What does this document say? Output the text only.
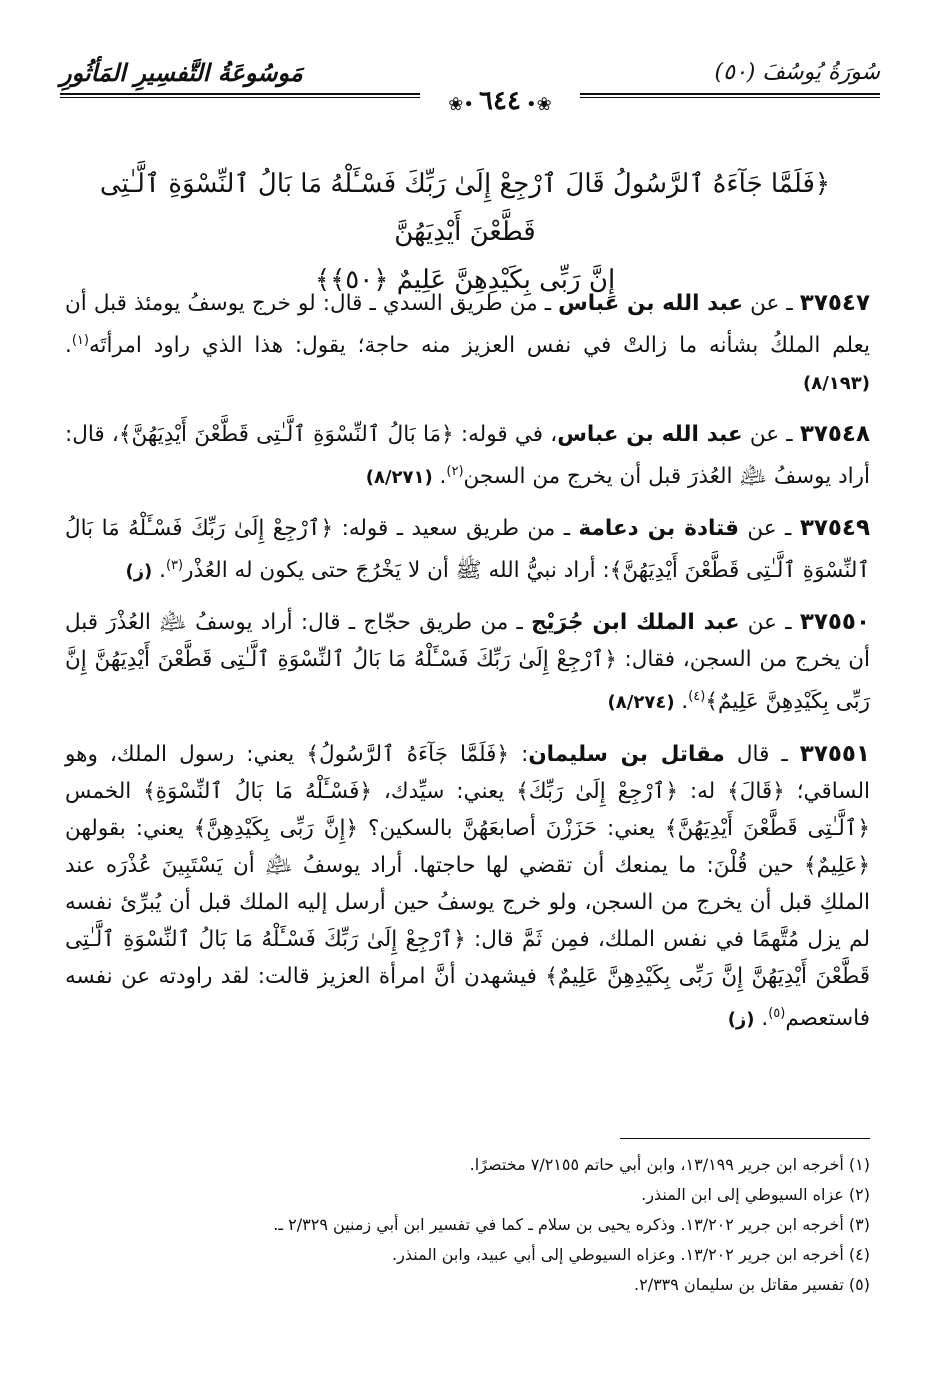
سُورَةُ يُوسُفَ (٥٠)
مَوسُوعَةُ التَّفسِيرِ المَأثُورِ
❀• ٦٤٤ •❀
﴿فَلَمَّا جَآءَهُ ٱلرَّسُولُ قَالَ ٱرْجِعْ إِلَىٰ رَبِّكَ فَسْـَٔلْهُ مَا بَالُ ٱلنِّسْوَةِ ٱلَّـٰتِى قَطَّعْنَ أَيْدِيَهُنَّ
إِنَّ رَبِّى بِكَيْدِهِنَّ عَلِيمٌ ﴿٥٠﴾﴾

٣٧٥٤٧ ـ عن عبد الله بن عباس ـ من طريق السدي ـ قال: لو خرج يوسفُ يومئذ قبل أن يعلم الملكُ بشأنه ما زالتْ في نفس العزيز منه حاجة؛ يقول: هذا الذي راود امرأتَه$^{(١)}$. (٨/١٩٣)

٣٧٥٤٨ ـ عن عبد الله بن عباس، في قوله: ﴿مَا بَالُ ٱلنِّسْوَةِ ٱلَّـٰتِى قَطَّعْنَ أَيْدِيَهُنَّ﴾، قال: أراد يوسفُ ﵇ العُذرَ قبل أن يخرج من السجن$^{(٢)}$. (٨/٢٧١)

٣٧٥٤٩ ـ عن قتادة بن دعامة ـ من طريق سعيد ـ قوله: ﴿ٱرْجِعْ إِلَىٰ رَبِّكَ فَسْـَٔلْهُ مَا بَالُ ٱلنِّسْوَةِ ٱلَّـٰتِى قَطَّعْنَ أَيْدِيَهُنَّ﴾: أراد نبيُّ الله ﷺ أن لا يَخْرُجَ حتى يكون له العُذْر$^{(٣)}$. (ز)

٣٧٥٥٠ ـ عن عبد الملك ابن جُرَيْج ـ من طريق حجّاج ـ قال: أراد يوسفُ ﵇ العُذْرَ قبل أن يخرج من السجن، فقال: ﴿ٱرْجِعْ إِلَىٰ رَبِّكَ فَسْـَٔلْهُ مَا بَالُ ٱلنِّسْوَةِ ٱلَّـٰتِى قَطَّعْنَ أَيْدِيَهُنَّ إِنَّ رَبِّى بِكَيْدِهِنَّ عَلِيمٌ﴾$^{(٤)}$. (٨/٢٧٤)

٣٧٥٥١ ـ قال مقاتل بن سليمان: ﴿فَلَمَّا جَآءَهُ ٱلرَّسُولُ﴾ يعني: رسول الملك، وهو الساقي؛ ﴿قَالَ﴾ له: ﴿ٱرْجِعْ إِلَىٰ رَبِّكَ﴾ يعني: سيِّدك، ﴿فَسْـَٔلْهُ مَا بَالُ ٱلنِّسْوَةِ﴾ الخمس ﴿ٱلَّـٰتِى قَطَّعْنَ أَيْدِيَهُنَّ﴾ يعني: حَزَزْنَ أصابعَهُنَّ بالسكين؟ ﴿إِنَّ رَبِّى بِكَيْدِهِنَّ﴾ يعني: بقولهن ﴿عَلِيمٌ﴾ حين قُلْنَ: ما يمنعك أن تقضي لها حاجتها. أراد يوسفُ ﵇ أن يَسْتَبِينَ عُذْرَه عند الملكِ قبل أن يخرج من السجن، ولو خرج يوسفُ حين أرسل إليه الملك قبل أن يُبرِّئ نفسه لم يزل مُتَّهمًا في نفس الملك، فمِن ثَمَّ قال: ﴿ٱرْجِعْ إِلَىٰ رَبِّكَ فَسْـَٔلْهُ مَا بَالُ ٱلنِّسْوَةِ ٱلَّـٰتِى قَطَّعْنَ أَيْدِيَهُنَّ إِنَّ رَبِّى بِكَيْدِهِنَّ عَلِيمٌ﴾ فيشهدن أنَّ امرأة العزيز قالت: لقد راودته عن نفسه فاستعصم$^{(٥)}$. (ز)

(١) أخرجه ابن جرير ١٣/١٩٩، وابن أبي حاتم ٧/٢١٥٥ مختصرًا.

(٢) عزاه السيوطي إلى ابن المنذر.

(٣) أخرجه ابن جرير ١٣/٢٠٢. وذكره يحيى بن سلام ـ كما في تفسير ابن أبي زمنين ٢/٣٢٩ ـ.

(٤) أخرجه ابن جرير ١٣/٢٠٢. وعزاه السيوطي إلى أبي عبيد، وابن المنذر.

(٥) تفسير مقاتل بن سليمان ٢/٣٣٩.
